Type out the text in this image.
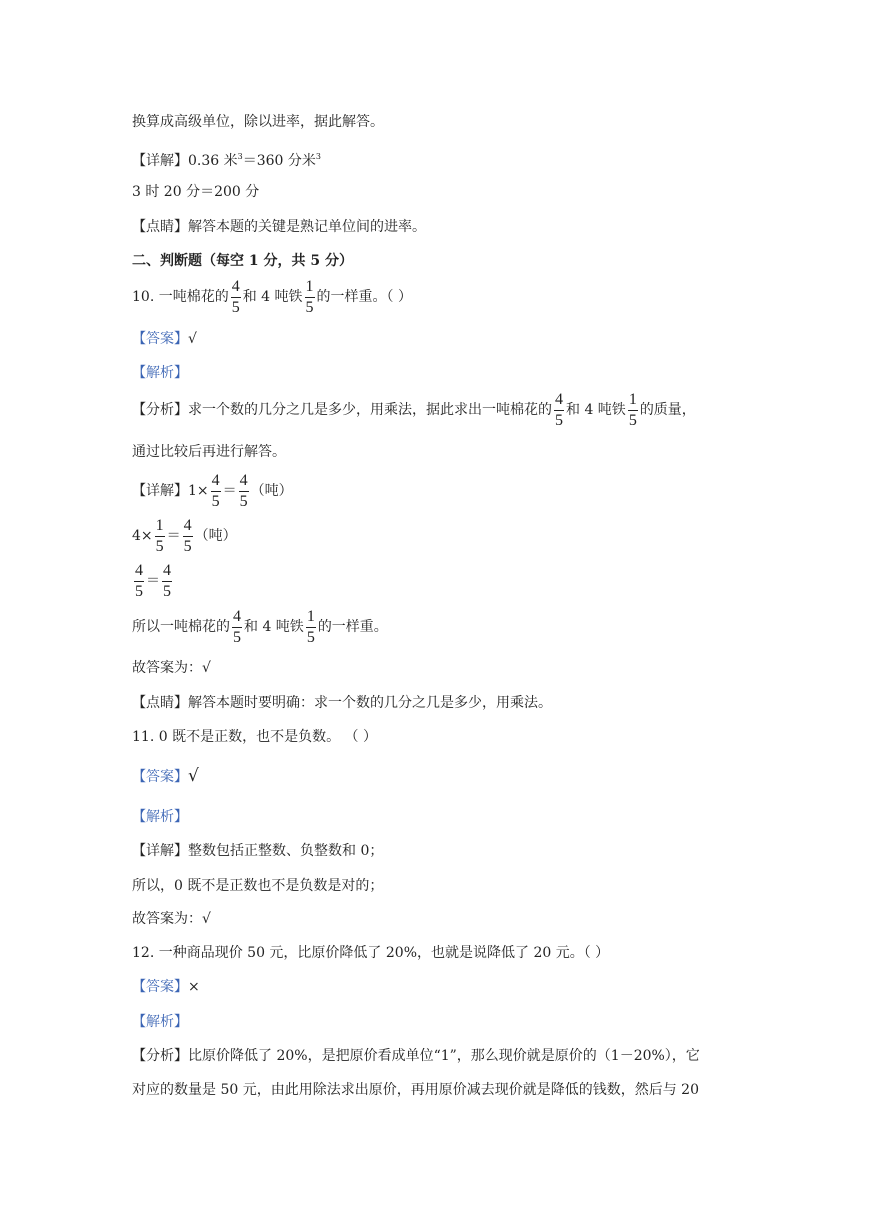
换算成高级单位，除以进率，据此解答。
【详解】0.36 米$^3$＝360 分米$^3$
3 时 20 分＝200 分
【点睛】解答本题的关键是熟记单位间的进率。
二、判断题（每空 1 分，共 5 分）
10. 一吨棉花的 $\frac{4}{5}$ 和 4 吨铁 $\frac{1}{5}$ 的一样重。（ ）
【答案】√
【解析】
【分析】求一个数的几分之几是多少，用乘法，据此求出一吨棉花的 $\frac{4}{5}$ 和 4 吨铁 $\frac{1}{5}$ 的质量，
通过比较后再进行解答。
【详解】$1\times \frac{4}{5} = \frac{4}{5}$ （吨）
$4\times \frac{1}{5} = \frac{4}{5}$ （吨）
$\frac{4}{5} = \frac{4}{5}$
所以一吨棉花的 $\frac{4}{5}$ 和 4 吨铁 $\frac{1}{5}$ 的一样重。
故答案为：√
【点睛】解答本题时要明确：求一个数的几分之几是多少，用乘法。
11. 0 既不是正数，也不是负数。 （ ）
【答案】√
【解析】
【详解】整数包括正整数、负整数和 0；
所以，0 既不是正数也不是负数是对的；
故答案为：√
12. 一种商品现价 50 元，比原价降低了 20%，也就是说降低了 20 元。（ ）
【答案】×
【解析】
【分析】比原价降低了 20%，是把原价看成单位“1”，那么现价就是原价的（1－20%），它
对应的数量是 50 元，由此用除法求出原价，再用原价减去现价就是降低的钱数，然后与 20
